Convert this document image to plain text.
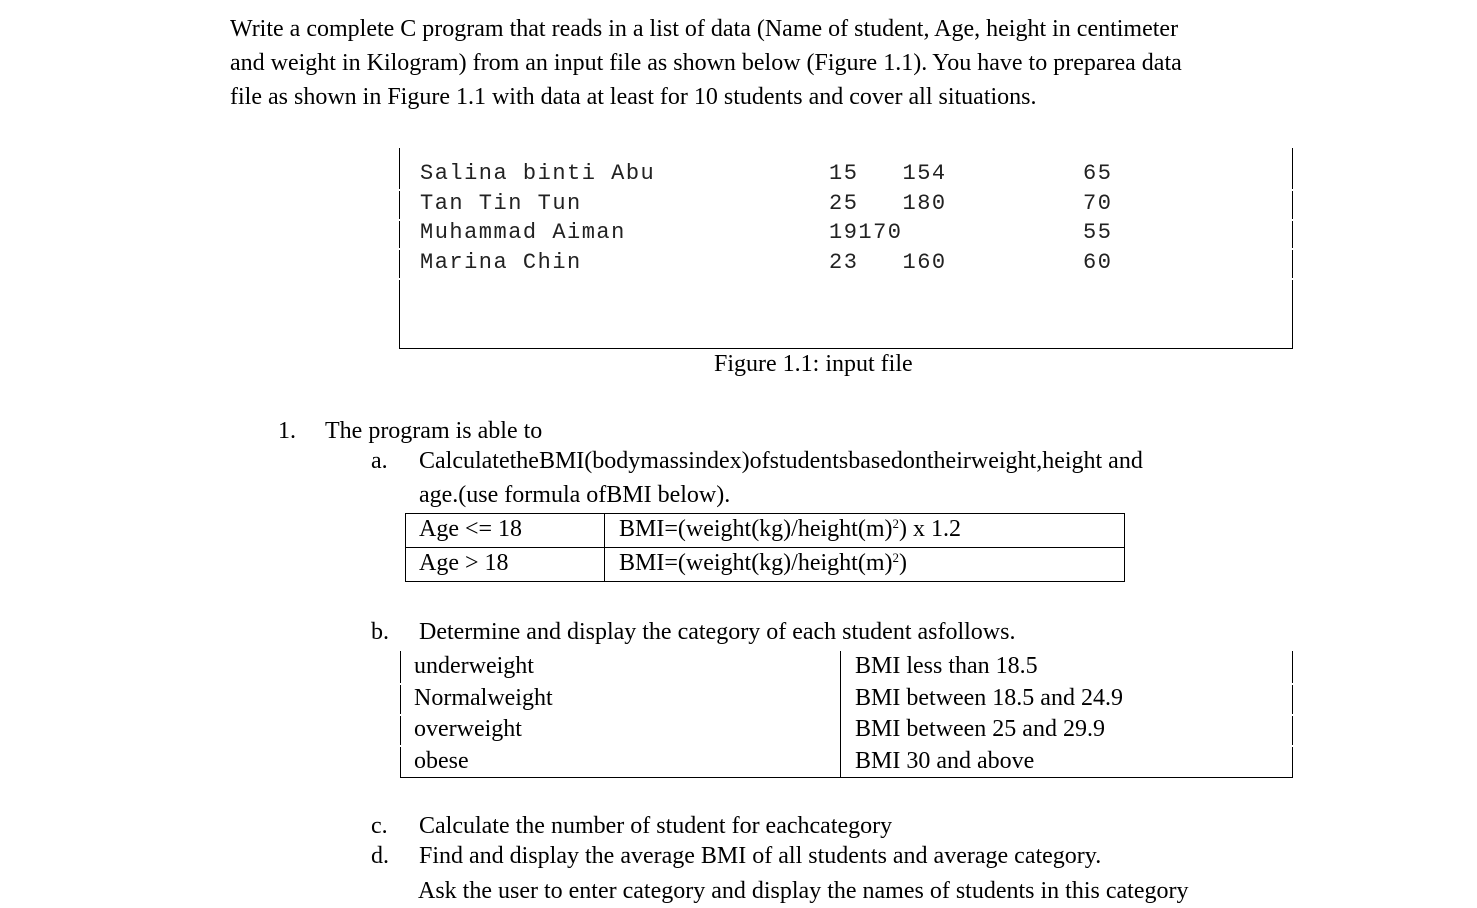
Write a complete C program that reads in a list of data (Name of student, Age, height in centimeter
and weight in Kilogram) from an input file as shown below (Figure 1.1). You have to preparea data
file as shown in Figure 1.1 with data at least for 10 students and cover all situations.
Salina binti Abu	15   154	65
Tan Tin Tun	25   180	70
Muhammad Aiman	19170	55
Marina Chin	23   160	60
Figure 1.1: input file
1. The program is able to
a. CalculatetheBMI(bodymassindex)ofstudentsbasedontheirweight,height and
age.(use formula ofBMI below).
Age <= 18	$BMI=(weight(kg)/height(m)^2)$ x 1.2
Age > 18	$BMI=(weight(kg)/height(m)^2)$
b. Determine and display the category of each student asfollows.
underweight	BMI less than 18.5
Normalweight	BMI between 18.5 and 24.9
overweight	BMI between 25 and 29.9
obese	BMI 30 and above
c. Calculate the number of student for eachcategory
d. Find and display the average BMI of all students and average category.
Ask the user to enter category and display the names of students in this category
